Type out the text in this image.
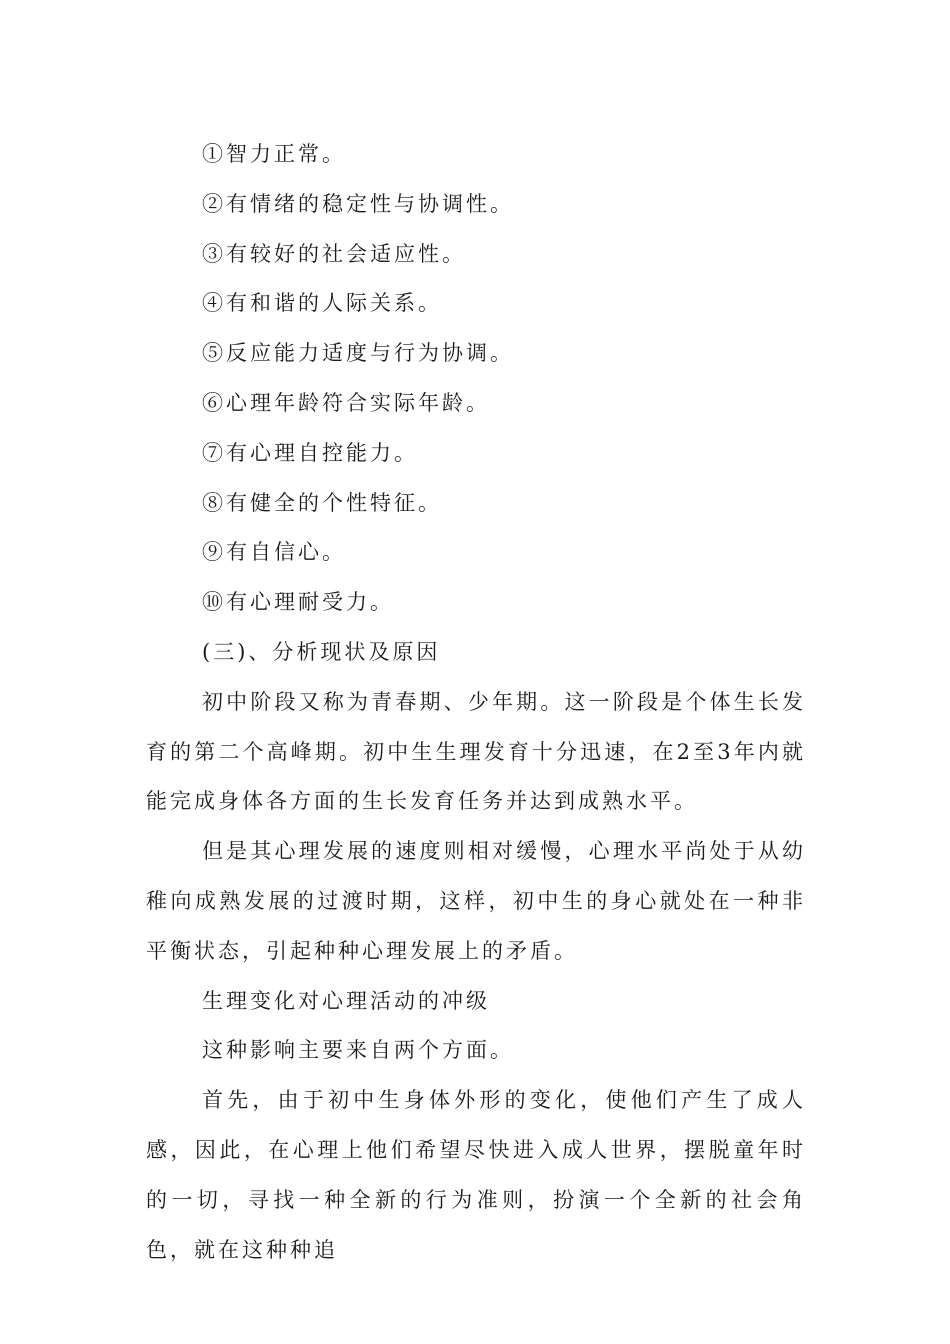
①智力正常。
②有情绪的稳定性与协调性。
③有较好的社会适应性。
④有和谐的人际关系。
⑤反应能力适度与行为协调。
⑥心理年龄符合实际年龄。
⑦有心理自控能力。
⑧有健全的个性特征。
⑨有自信心。
⑩有心理耐受力。
(三)、分析现状及原因

初中阶段又称为青春期、少年期。这一阶段是个体生长发育的第二个高峰期。初中生生理发育十分迅速，在2至3年内就能完成身体各方面的生长发育任务并达到成熟水平。

但是其心理发展的速度则相对缓慢，心理水平尚处于从幼稚向成熟发展的过渡时期，这样，初中生的身心就处在一种非平衡状态，引起种种心理发展上的矛盾。

生理变化对心理活动的冲级
这种影响主要来自两个方面。

首先，由于初中生身体外形的变化，使他们产生了成人感，因此，在心理上他们希望尽快进入成人世界，摆脱童年时的一切，寻找一种全新的行为准则，扮演一个全新的社会角色，就在这种种追
